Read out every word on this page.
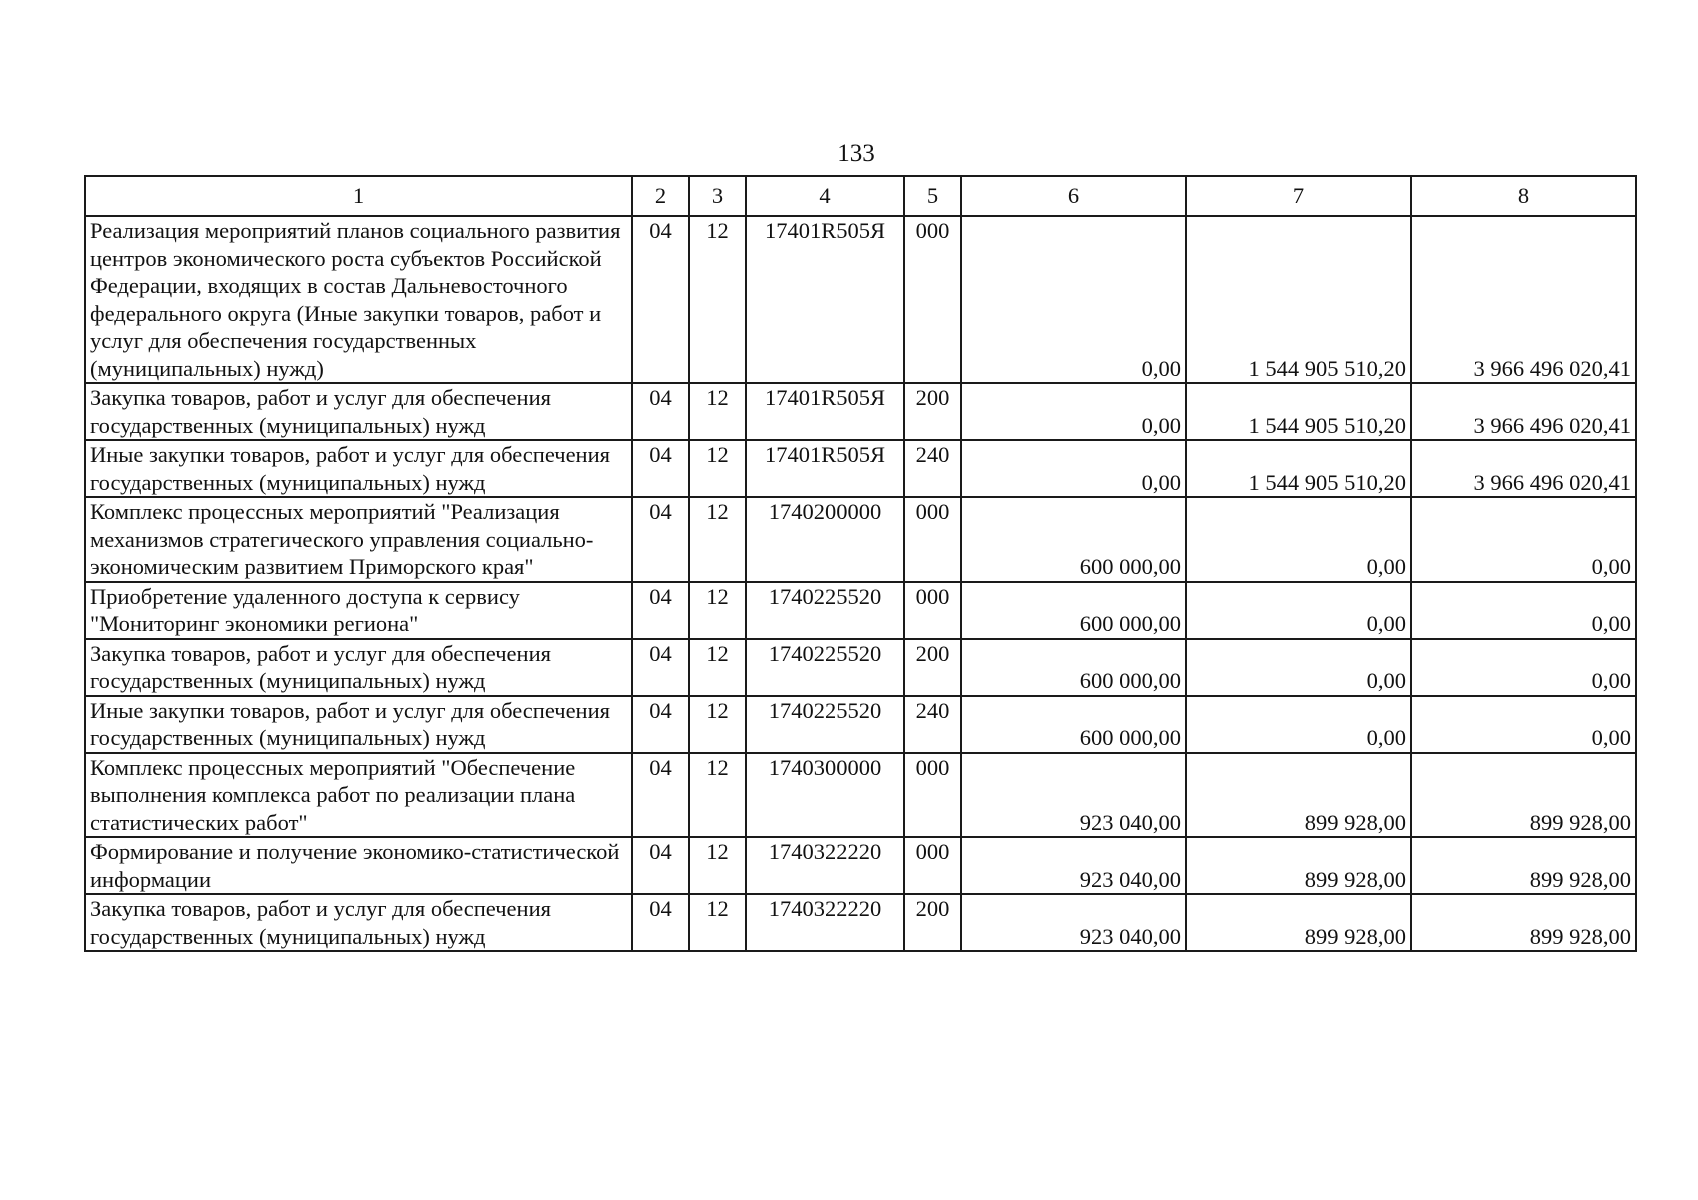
133
1	2	3	4	5	6	7	8
Реализация мероприятий планов социального развития центров экономического роста субъектов Российской Федерации, входящих в состав Дальневосточного федерального округа (Иные закупки товаров, работ и услуг для обеспечения государственных (муниципальных) нужд)	04	12	17401R505Я	000	0,00	1 544 905 510,20	3 966 496 020,41
Закупка товаров, работ и услуг для обеспечения государственных (муниципальных) нужд	04	12	17401R505Я	200	0,00	1 544 905 510,20	3 966 496 020,41
Иные закупки товаров, работ и услуг для обеспечения государственных (муниципальных) нужд	04	12	17401R505Я	240	0,00	1 544 905 510,20	3 966 496 020,41
Комплекс процессных мероприятий "Реализация механизмов стратегического управления социально-экономическим развитием Приморского края"	04	12	1740200000	000	600 000,00	0,00	0,00
Приобретение удаленного доступа к сервису "Мониторинг экономики региона"	04	12	1740225520	000	600 000,00	0,00	0,00
Закупка товаров, работ и услуг для обеспечения государственных (муниципальных) нужд	04	12	1740225520	200	600 000,00	0,00	0,00
Иные закупки товаров, работ и услуг для обеспечения государственных (муниципальных) нужд	04	12	1740225520	240	600 000,00	0,00	0,00
Комплекс процессных мероприятий "Обеспечение выполнения комплекса работ по реализации плана статистических работ"	04	12	1740300000	000	923 040,00	899 928,00	899 928,00
Формирование и получение экономико-статистической информации	04	12	1740322220	000	923 040,00	899 928,00	899 928,00
Закупка товаров, работ и услуг для обеспечения государственных (муниципальных) нужд	04	12	1740322220	200	923 040,00	899 928,00	899 928,00
